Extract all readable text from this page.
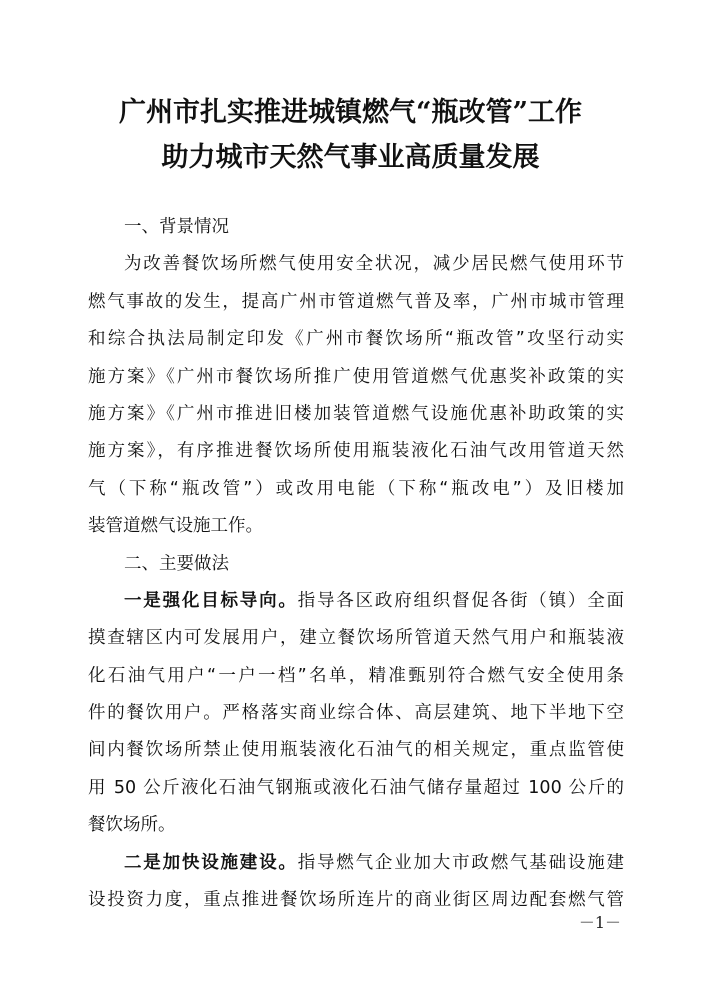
广州市扎实推进城镇燃气“瓶改管”工作
助力城市天然气事业高质量发展
一、背景情况
为改善餐饮场所燃气使用安全状况，减少居民燃气使用环节
燃气事故的发生，提高广州市管道燃气普及率，广州市城市管理
和综合执法局制定印发《广州市餐饮场所“瓶改管”攻坚行动实
施方案》《广州市餐饮场所推广使用管道燃气优惠奖补政策的实
施方案》《广州市推进旧楼加装管道燃气设施优惠补助政策的实
施方案》，有序推进餐饮场所使用瓶装液化石油气改用管道天然
气（下称“瓶改管”）或改用电能（下称“瓶改电”）及旧楼加
装管道燃气设施工作。
二、主要做法
一是强化目标导向。指导各区政府组织督促各街（镇）全面
摸查辖区内可发展用户，建立餐饮场所管道天然气用户和瓶装液
化石油气用户“一户一档”名单，精准甄别符合燃气安全使用条
件的餐饮用户。严格落实商业综合体、高层建筑、地下半地下空
间内餐饮场所禁止使用瓶装液化石油气的相关规定，重点监管使
用 50 公斤液化石油气钢瓶或液化石油气储存量超过 100 公斤的
餐饮场所。
二是加快设施建设。指导燃气企业加大市政燃气基础设施建
设投资力度，重点推进餐饮场所连片的商业街区周边配套燃气管
－1－
